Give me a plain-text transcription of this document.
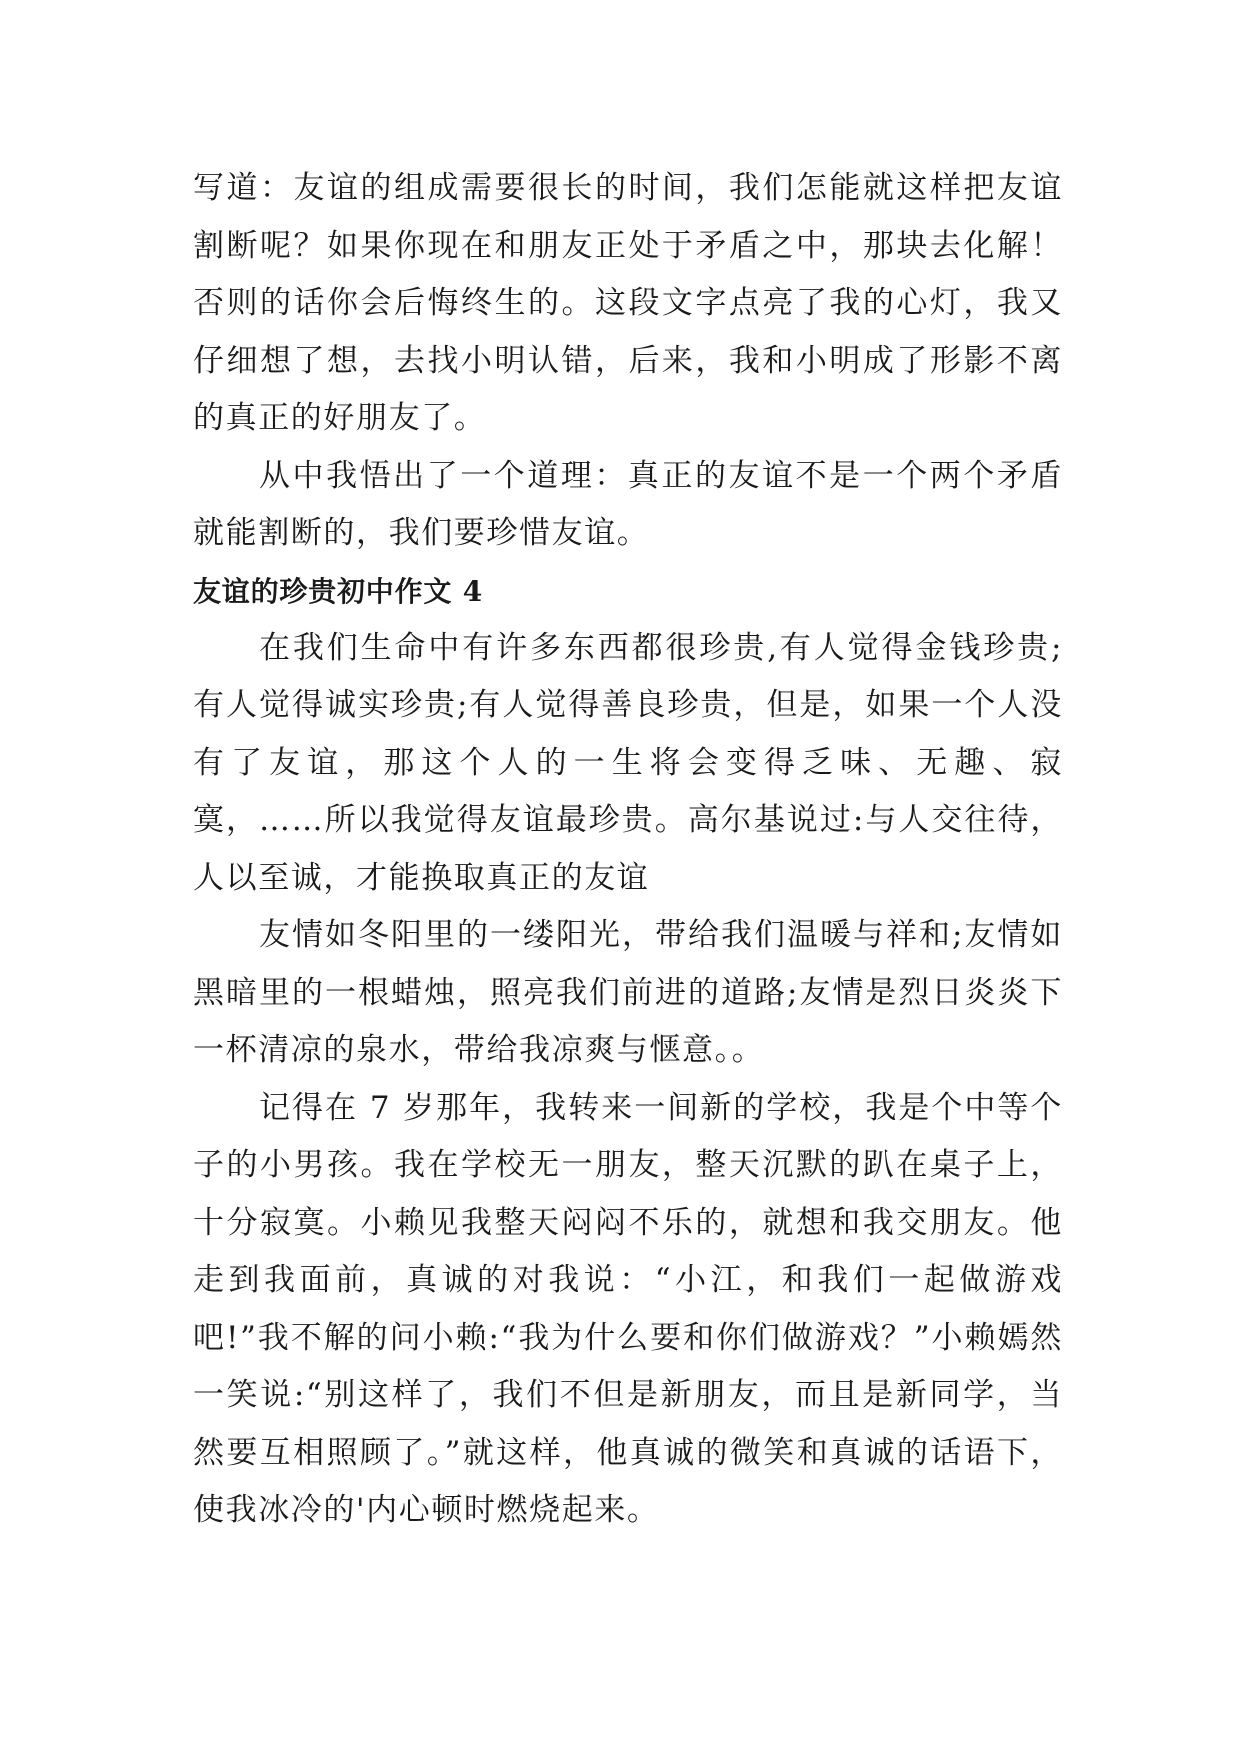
写道：友谊的组成需要很长的时间，我们怎能就这样把友谊割断呢？如果你现在和朋友正处于矛盾之中，那块去化解！否则的话你会后悔终生的。这段文字点亮了我的心灯，我又仔细想了想，去找小明认错，后来，我和小明成了形影不离的真正的好朋友了。

从中我悟出了一个道理：真正的友谊不是一个两个矛盾就能割断的，我们要珍惜友谊。

友谊的珍贵初中作文 4

在我们生命中有许多东西都很珍贵,有人觉得金钱珍贵;有人觉得诚实珍贵;有人觉得善良珍贵，但是，如果一个人没有了友谊，那这个人的一生将会变得乏味、无趣、寂寞，……所以我觉得友谊最珍贵。高尔基说过:与人交往待，人以至诚，才能换取真正的友谊

友情如冬阳里的一缕阳光，带给我们温暖与祥和;友情如黑暗里的一根蜡烛，照亮我们前进的道路;友情是烈日炎炎下一杯清凉的泉水，带给我凉爽与惬意。。

记得在 7 岁那年，我转来一间新的学校，我是个中等个子的小男孩。我在学校无一朋友，整天沉默的趴在桌子上，十分寂寞。小赖见我整天闷闷不乐的，就想和我交朋友。他走到我面前，真诚的对我说：“小江，和我们一起做游戏吧!”我不解的问小赖:“我为什么要和你们做游戏？”小赖嫣然一笑说:“别这样了，我们不但是新朋友，而且是新同学，当然要互相照顾了。”就这样，他真诚的微笑和真诚的话语下，使我冰冷的'内心顿时燃烧起来。
